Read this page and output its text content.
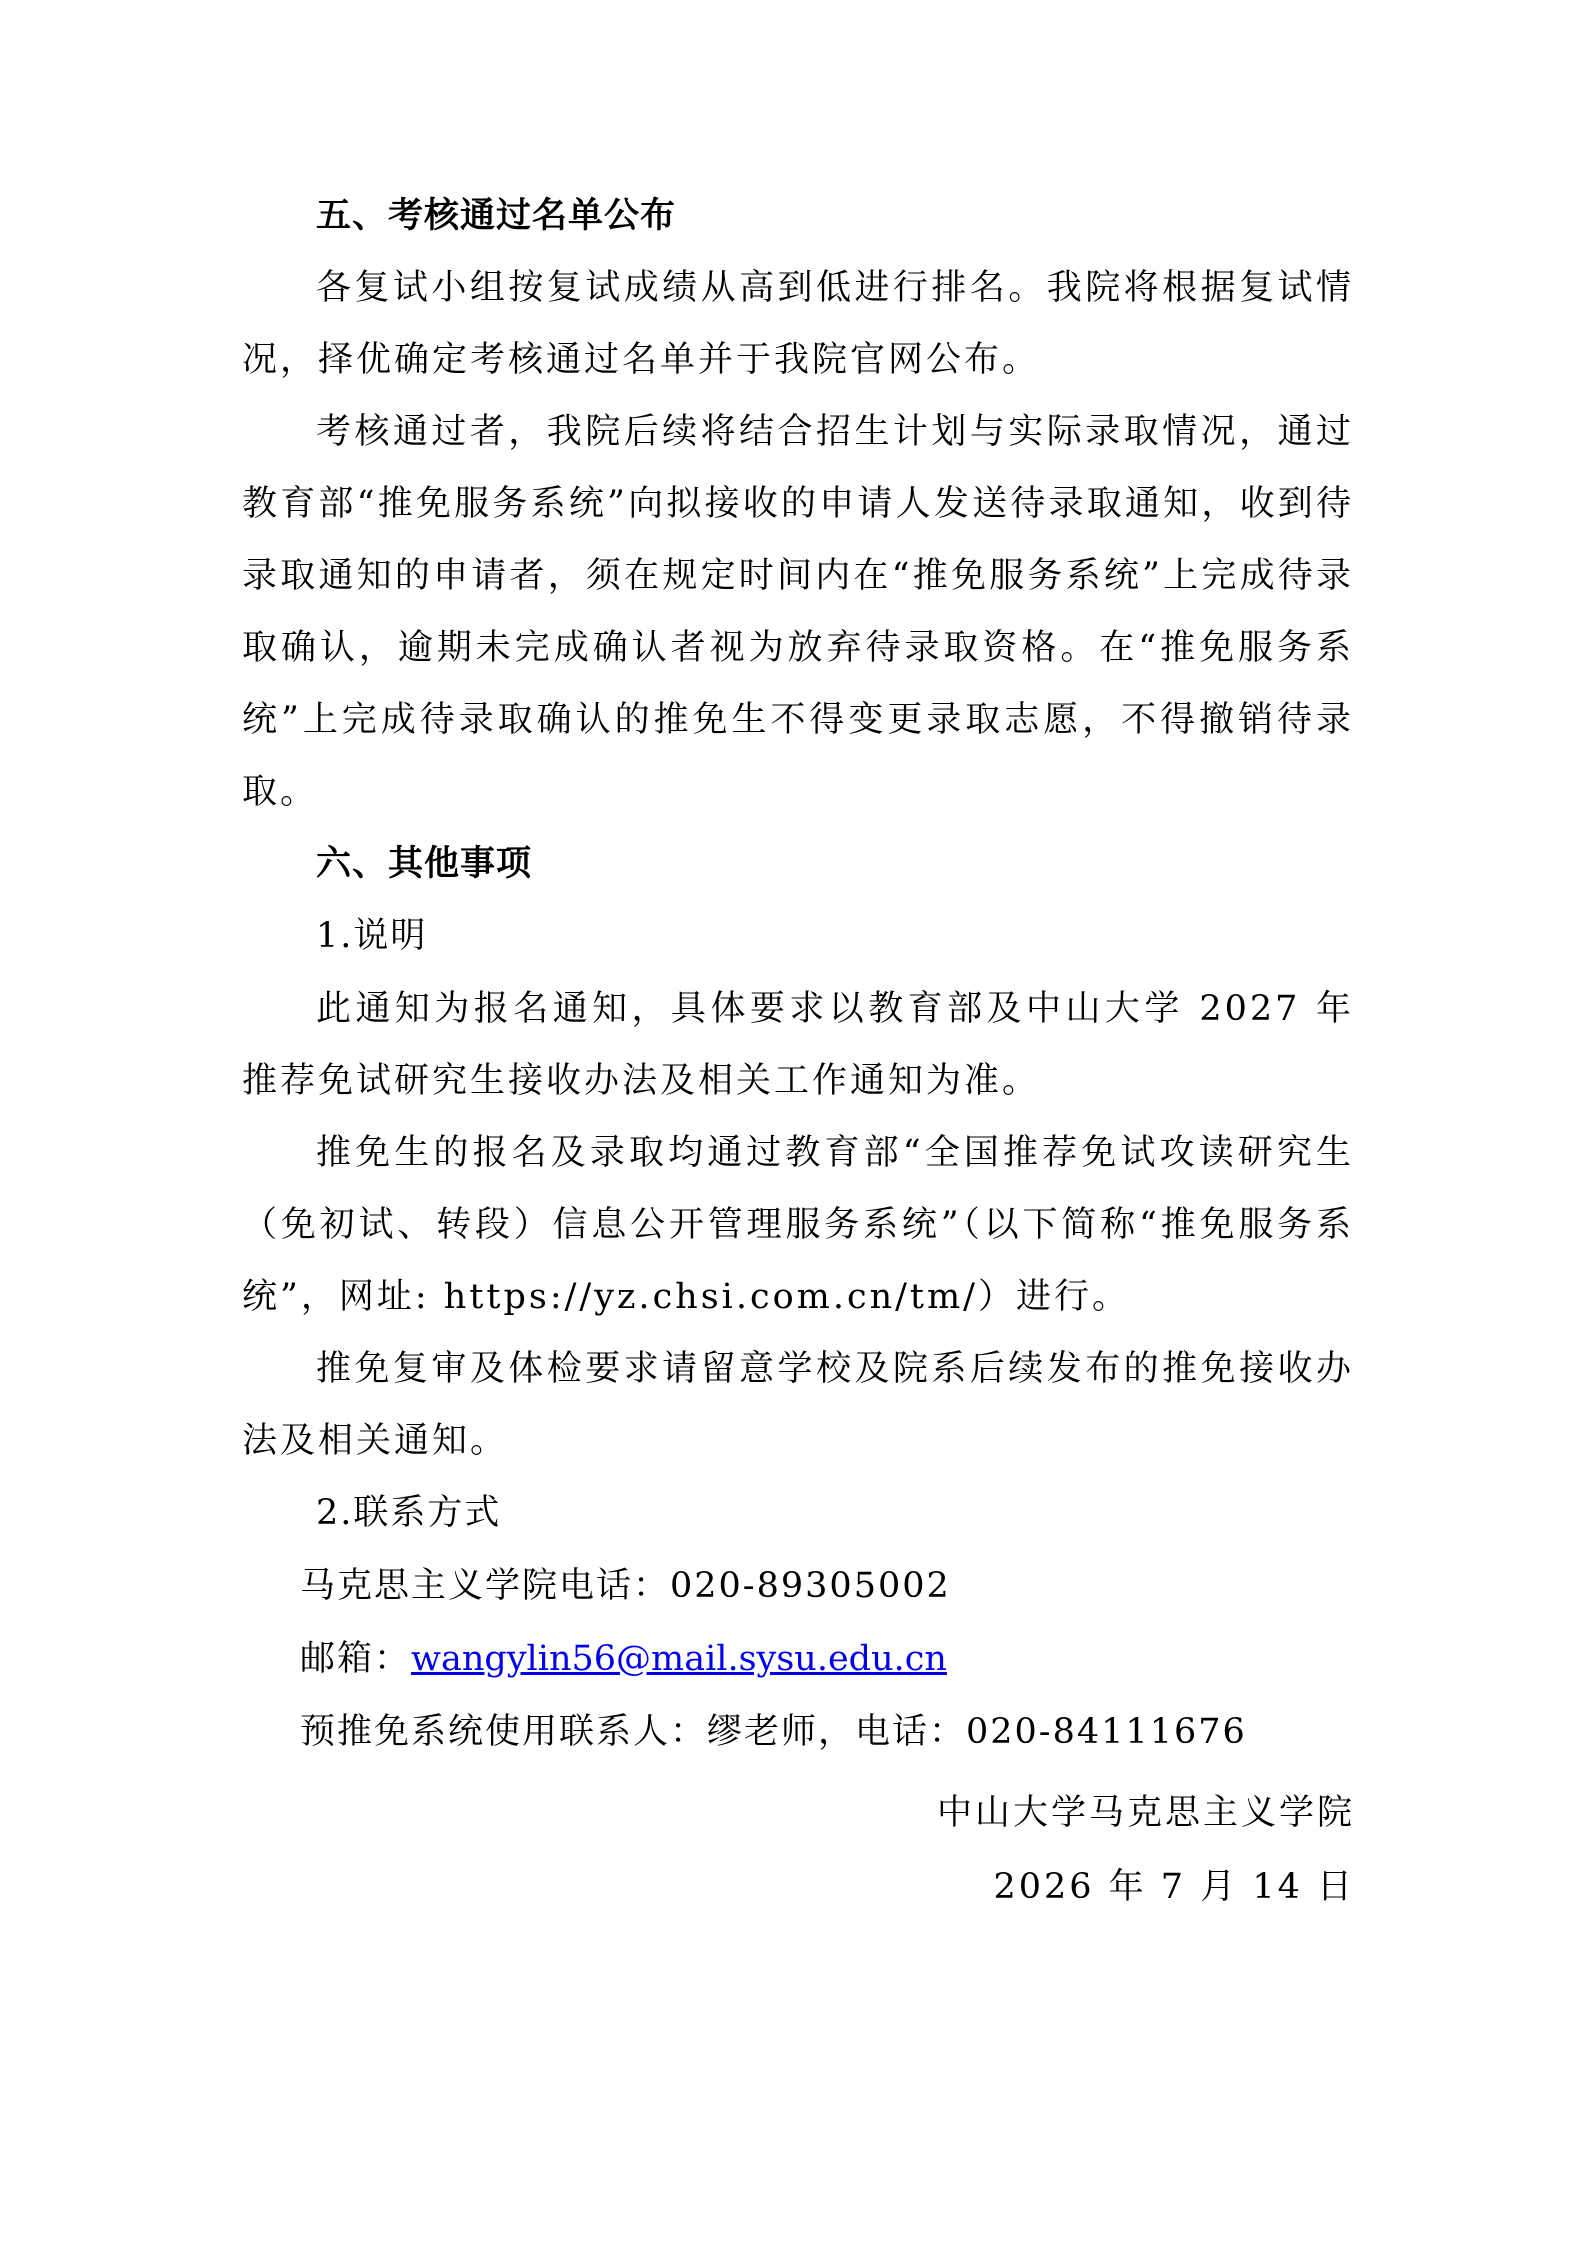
五、考核通过名单公布

各复试小组按复试成绩从高到低进行排名。我院将根据复试情况，择优确定考核通过名单并于我院官网公布。

考核通过者，我院后续将结合招生计划与实际录取情况，通过教育部“推免服务系统”向拟接收的申请人发送待录取通知，收到待录取通知的申请者，须在规定时间内在“推免服务系统”上完成待录取确认，逾期未完成确认者视为放弃待录取资格。在“推免服务系统”上完成待录取确认的推免生不得变更录取志愿，不得撤销待录取。

六、其他事项

1.说明

此通知为报名通知，具体要求以教育部及中山大学 2027 年推荐免试研究生接收办法及相关工作通知为准。

推免生的报名及录取均通过教育部“全国推荐免试攻读研究生（免初试、转段）信息公开管理服务系统”（以下简称“推免服务系统”，网址: https://yz.chsi.com.cn/tm/）进行。

推免复审及体检要求请留意学校及院系后续发布的推免接收办法及相关通知。

2.联系方式

马克思主义学院电话：020-89305002

邮箱：wangylin56@mail.sysu.edu.cn

预推免系统使用联系人：缪老师，电话：020-84111676

中山大学马克思主义学院
2026 年 7 月 14 日
